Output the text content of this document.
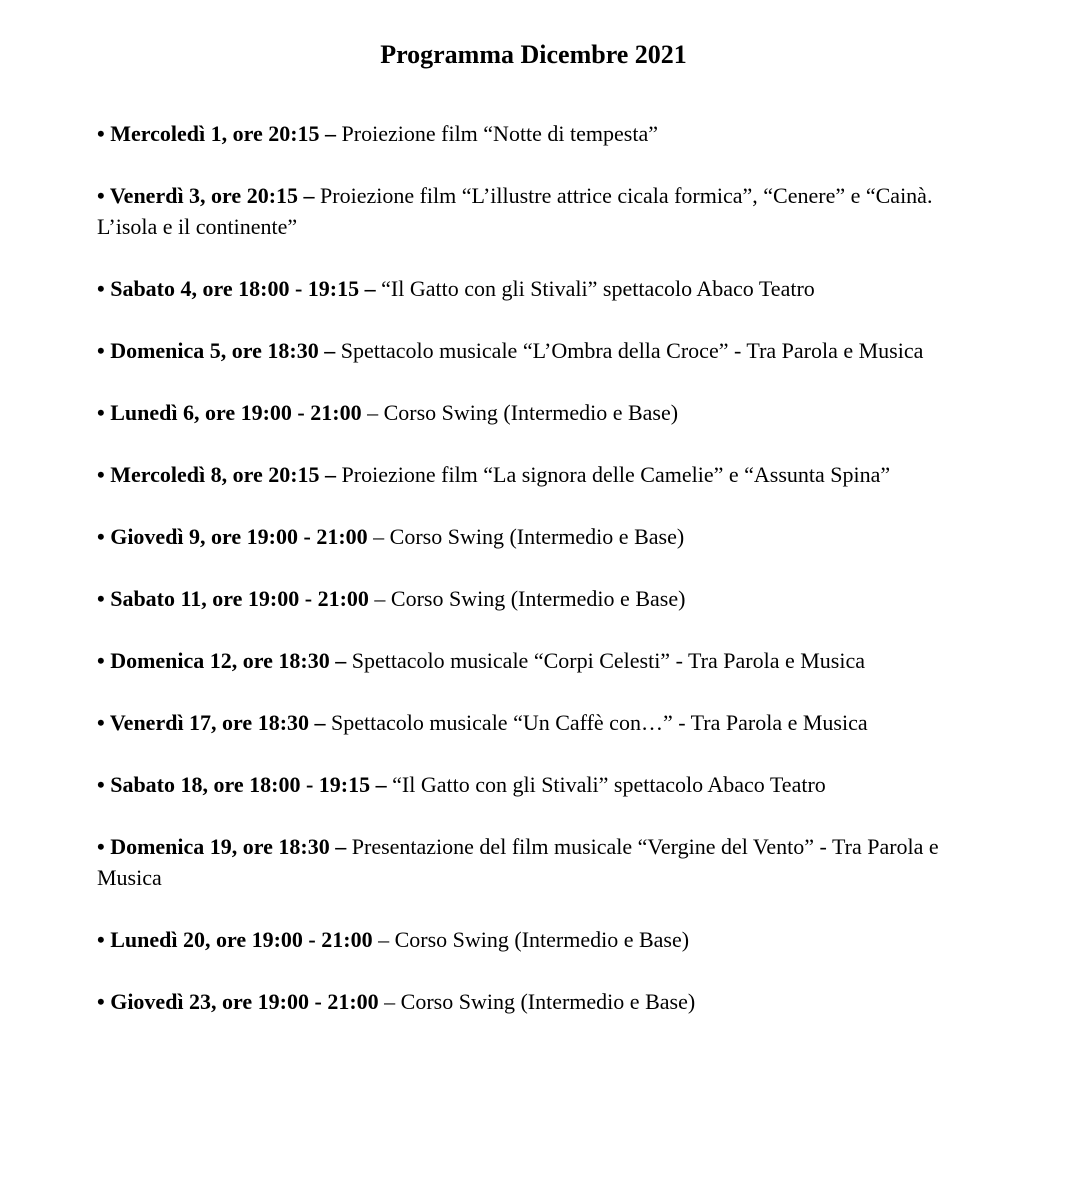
Programma Dicembre 2021
• Mercoledì 1, ore 20:15 – Proiezione film “Notte di tempesta”
• Venerdì 3, ore 20:15 – Proiezione film “L’illustre attrice cicala formica”, “Cenere” e “Cainà. L’isola e il continente”
• Sabato 4, ore 18:00 - 19:15 – “Il Gatto con gli Stivali” spettacolo Abaco Teatro
• Domenica 5, ore 18:30 – Spettacolo musicale “L’Ombra della Croce” - Tra Parola e Musica
• Lunedì 6, ore 19:00 - 21:00 – Corso Swing (Intermedio e Base)
• Mercoledì 8, ore 20:15 – Proiezione film “La signora delle Camelie” e “Assunta Spina”
• Giovedì 9, ore 19:00 - 21:00 – Corso Swing (Intermedio e Base)
• Sabato 11, ore 19:00 - 21:00 – Corso Swing (Intermedio e Base)
• Domenica 12, ore 18:30 – Spettacolo musicale “Corpi Celesti” - Tra Parola e Musica
• Venerdì 17, ore 18:30 – Spettacolo musicale “Un Caffè con…” - Tra Parola e Musica
• Sabato 18, ore 18:00 - 19:15 – “Il Gatto con gli Stivali” spettacolo Abaco Teatro
• Domenica 19, ore 18:30 – Presentazione del film musicale “Vergine del Vento” - Tra Parola e Musica
• Lunedì 20, ore 19:00 - 21:00 – Corso Swing (Intermedio e Base)
• Giovedì 23, ore 19:00 - 21:00 – Corso Swing (Intermedio e Base)
